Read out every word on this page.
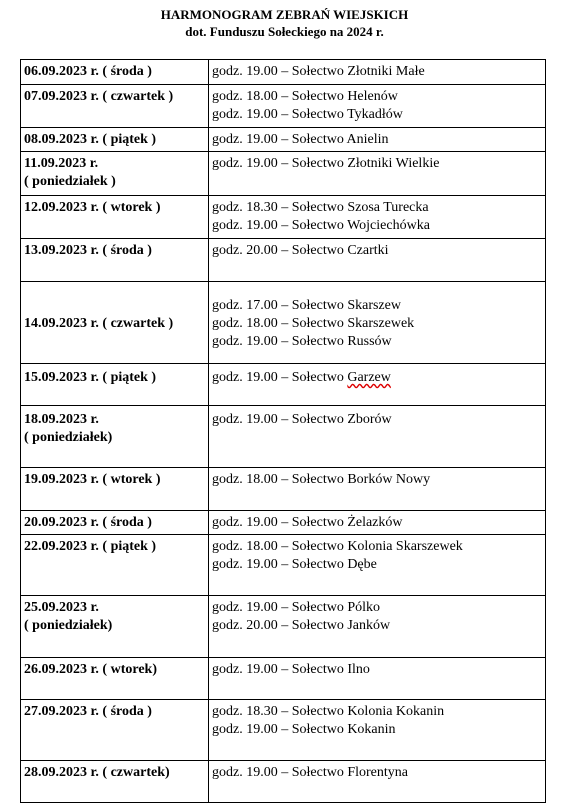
HARMONOGRAM ZEBRAŃ WIEJSKICH
dot. Funduszu Sołeckiego na 2024 r.
06.09.2023 r. ( środa )	godz. 19.00 – Sołectwo Złotniki Małe

07.09.2023 r. ( czwartek )	godz. 18.00 – Sołectwo Helenów
godz. 19.00 – Sołectwo Tykadłów

08.09.2023 r. ( piątek )	godz. 19.00 – Sołectwo Anielin

11.09.2023 r.
( poniedziałek )	godz. 19.00 – Sołectwo Złotniki Wielkie

12.09.2023 r. ( wtorek )	godz. 18.30 – Sołectwo Szosa Turecka
godz. 19.00 – Sołectwo Wojciechówka

13.09.2023 r. ( środa )	godz. 20.00 – Sołectwo Czartki

14.09.2023 r. ( czwartek )	godz. 17.00 – Sołectwo Skarszew
godz. 18.00 – Sołectwo Skarszewek
godz. 19.00 – Sołectwo Russów

15.09.2023 r. ( piątek )	godz. 19.00 – Sołectwo Garzew

18.09.2023 r.
( poniedziałek)	godz. 19.00 – Sołectwo Zborów

19.09.2023 r. ( wtorek )	godz. 18.00 – Sołectwo Borków Nowy

20.09.2023 r. ( środa )	godz. 19.00 – Sołectwo Żelazków

22.09.2023 r. ( piątek )	godz. 18.00 – Sołectwo Kolonia Skarszewek
godz. 19.00 – Sołectwo Dębe

25.09.2023 r.
( poniedziałek)	godz. 19.00 – Sołectwo Pólko
godz. 20.00 – Sołectwo Janków

26.09.2023 r. ( wtorek)	godz. 19.00 – Sołectwo Ilno

27.09.2023 r. ( środa )	godz. 18.30 – Sołectwo Kolonia Kokanin
godz. 19.00 – Sołectwo Kokanin

28.09.2023 r. ( czwartek)	godz. 19.00 – Sołectwo Florentyna
